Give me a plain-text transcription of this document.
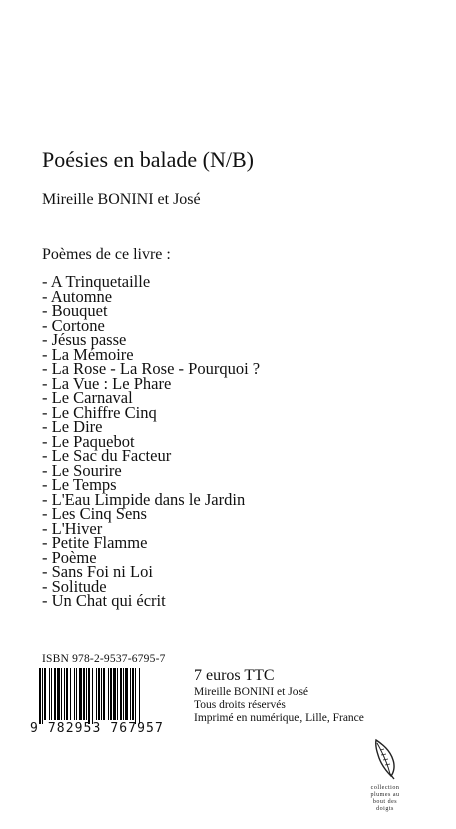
Poésies en balade (N/B)
Mireille BONINI et José
Poèmes de ce livre :
- A Trinquetaille
- Automne
- Bouquet
- Cortone
- Jésus passe
- La Mémoire
- La Rose - La Rose - Pourquoi ?
- La Vue : Le Phare
- Le Carnaval
- Le Chiffre Cinq
- Le Dire
- Le Paquebot
- Le Sac du Facteur
- Le Sourire
- Le Temps
- L'Eau Limpide dans le Jardin
- Les Cinq Sens
- L'Hiver
- Petite Flamme
- Poème
- Sans Foi ni Loi
- Solitude
- Un Chat qui écrit
ISBN 978-2-9537-6795-7
9 782953 767957
7 euros TTC
Mireille BONINI et José
Tous droits réservés
Imprimé en numérique, Lille, France
collection
plumes au
bout des
doigts
